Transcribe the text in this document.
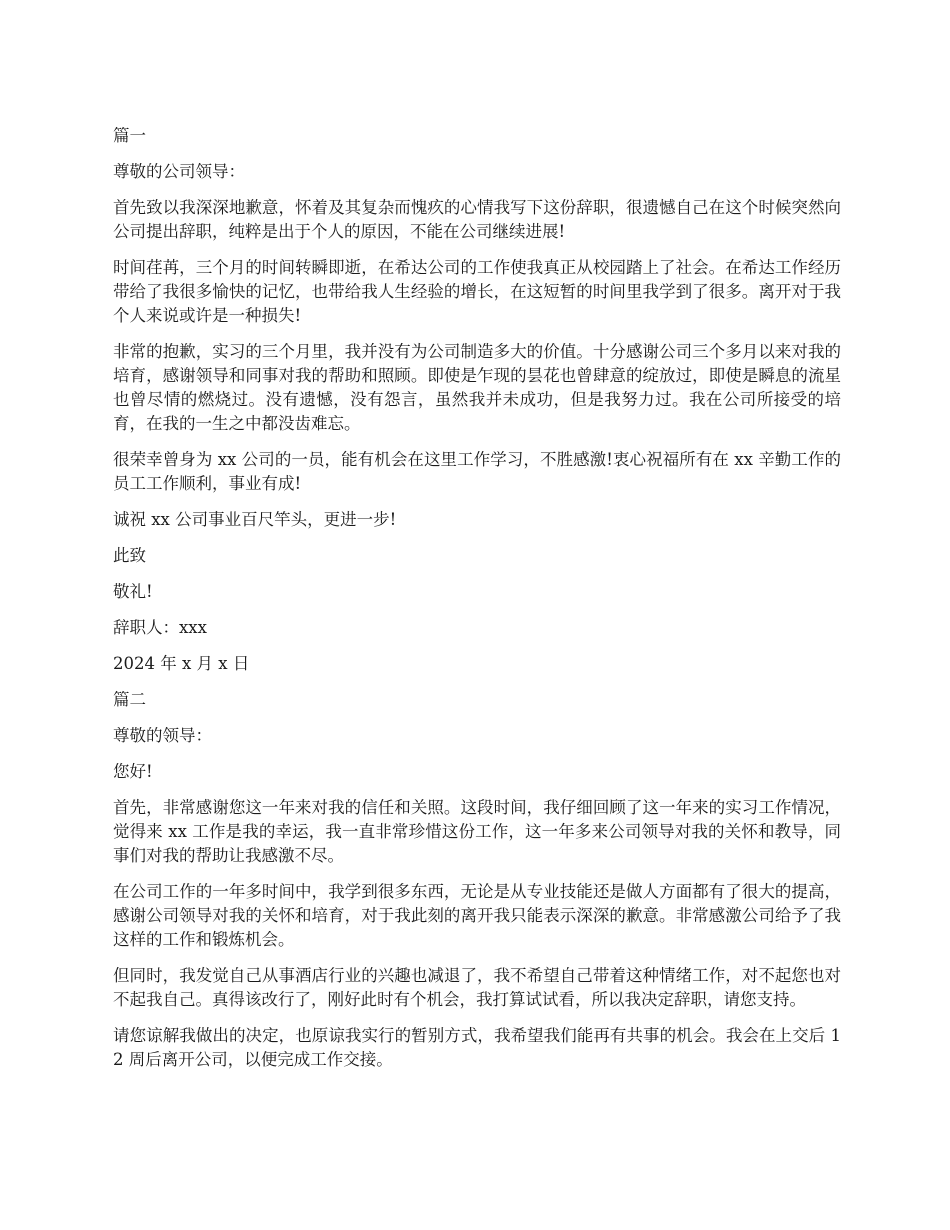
篇一

尊敬的公司领导：

首先致以我深深地歉意，怀着及其复杂而愧疚的心情我写下这份辞职，很遗憾自己在这个时候突然向公司提出辞职，纯粹是出于个人的原因，不能在公司继续进展!

时间荏苒，三个月的时间转瞬即逝，在希达公司的工作使我真正从校园踏上了社会。在希达工作经历带给了我很多愉快的记忆，也带给我人生经验的增长，在这短暂的时间里我学到了很多。离开对于我个人来说或许是一种损失!

非常的抱歉，实习的三个月里，我并没有为公司制造多大的价值。十分感谢公司三个多月以来对我的培育，感谢领导和同事对我的帮助和照顾。即使是乍现的昙花也曾肆意的绽放过，即使是瞬息的流星也曾尽情的燃烧过。没有遗憾，没有怨言，虽然我并未成功，但是我努力过。我在公司所接受的培育，在我的一生之中都没齿难忘。

很荣幸曾身为 xx 公司的一员，能有机会在这里工作学习，不胜感激!衷心祝福所有在 xx 辛勤工作的员工工作顺利，事业有成!

诚祝 xx 公司事业百尺竿头，更进一步!

此致

敬礼!

辞职人：xxx

2024 年 x 月 x 日

篇二

尊敬的领导：

您好!

首先，非常感谢您这一年来对我的信任和关照。这段时间，我仔细回顾了这一年来的实习工作情况，觉得来 xx 工作是我的幸运，我一直非常珍惜这份工作，这一年多来公司领导对我的关怀和教导，同事们对我的帮助让我感激不尽。

在公司工作的一年多时间中，我学到很多东西，无论是从专业技能还是做人方面都有了很大的提高，感谢公司领导对我的关怀和培育，对于我此刻的离开我只能表示深深的歉意。非常感激公司给予了我这样的工作和锻炼机会。

但同时，我发觉自己从事酒店行业的兴趣也减退了，我不希望自己带着这种情绪工作，对不起您也对不起我自己。真得该改行了，刚好此时有个机会，我打算试试看，所以我决定辞职，请您支持。

请您谅解我做出的决定，也原谅我实行的暂别方式，我希望我们能再有共事的机会。我会在上交后 12 周后离开公司，以便完成工作交接。
